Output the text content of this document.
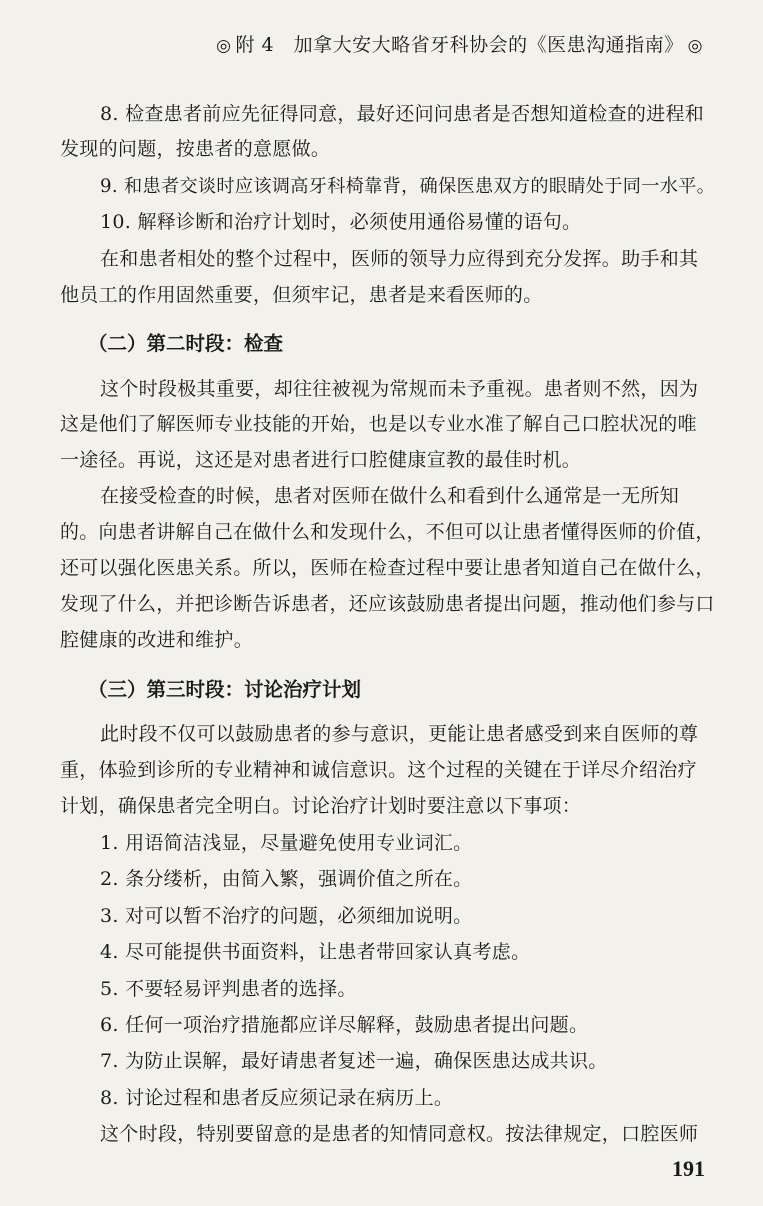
◎ 附 4　加拿大安大略省牙科协会的《医患沟通指南》 ◎
8. 检查患者前应先征得同意，最好还问问患者是否想知道检查的进程和
发现的问题，按患者的意愿做。
9. 和患者交谈时应该调高牙科椅靠背，确保医患双方的眼睛处于同一水平。
10. 解释诊断和治疗计划时，必须使用通俗易懂的语句。
在和患者相处的整个过程中，医师的领导力应得到充分发挥。助手和其
他员工的作用固然重要，但须牢记，患者是来看医师的。
（二）第二时段：检查
这个时段极其重要，却往往被视为常规而未予重视。患者则不然，因为
这是他们了解医师专业技能的开始，也是以专业水准了解自己口腔状况的唯
一途径。再说，这还是对患者进行口腔健康宣教的最佳时机。
在接受检查的时候，患者对医师在做什么和看到什么通常是一无所知
的。向患者讲解自己在做什么和发现什么，不但可以让患者懂得医师的价值，
还可以强化医患关系。所以，医师在检查过程中要让患者知道自己在做什么，
发现了什么，并把诊断告诉患者，还应该鼓励患者提出问题，推动他们参与口
腔健康的改进和维护。
（三）第三时段：讨论治疗计划
此时段不仅可以鼓励患者的参与意识，更能让患者感受到来自医师的尊
重，体验到诊所的专业精神和诚信意识。这个过程的关键在于详尽介绍治疗
计划，确保患者完全明白。讨论治疗计划时要注意以下事项：
1. 用语简洁浅显，尽量避免使用专业词汇。
2. 条分缕析，由简入繁，强调价值之所在。
3. 对可以暂不治疗的问题，必须细加说明。
4. 尽可能提供书面资料，让患者带回家认真考虑。
5. 不要轻易评判患者的选择。
6. 任何一项治疗措施都应详尽解释，鼓励患者提出问题。
7. 为防止误解，最好请患者复述一遍，确保医患达成共识。
8. 讨论过程和患者反应须记录在病历上。
这个时段，特别要留意的是患者的知情同意权。按法律规定，口腔医师
191
